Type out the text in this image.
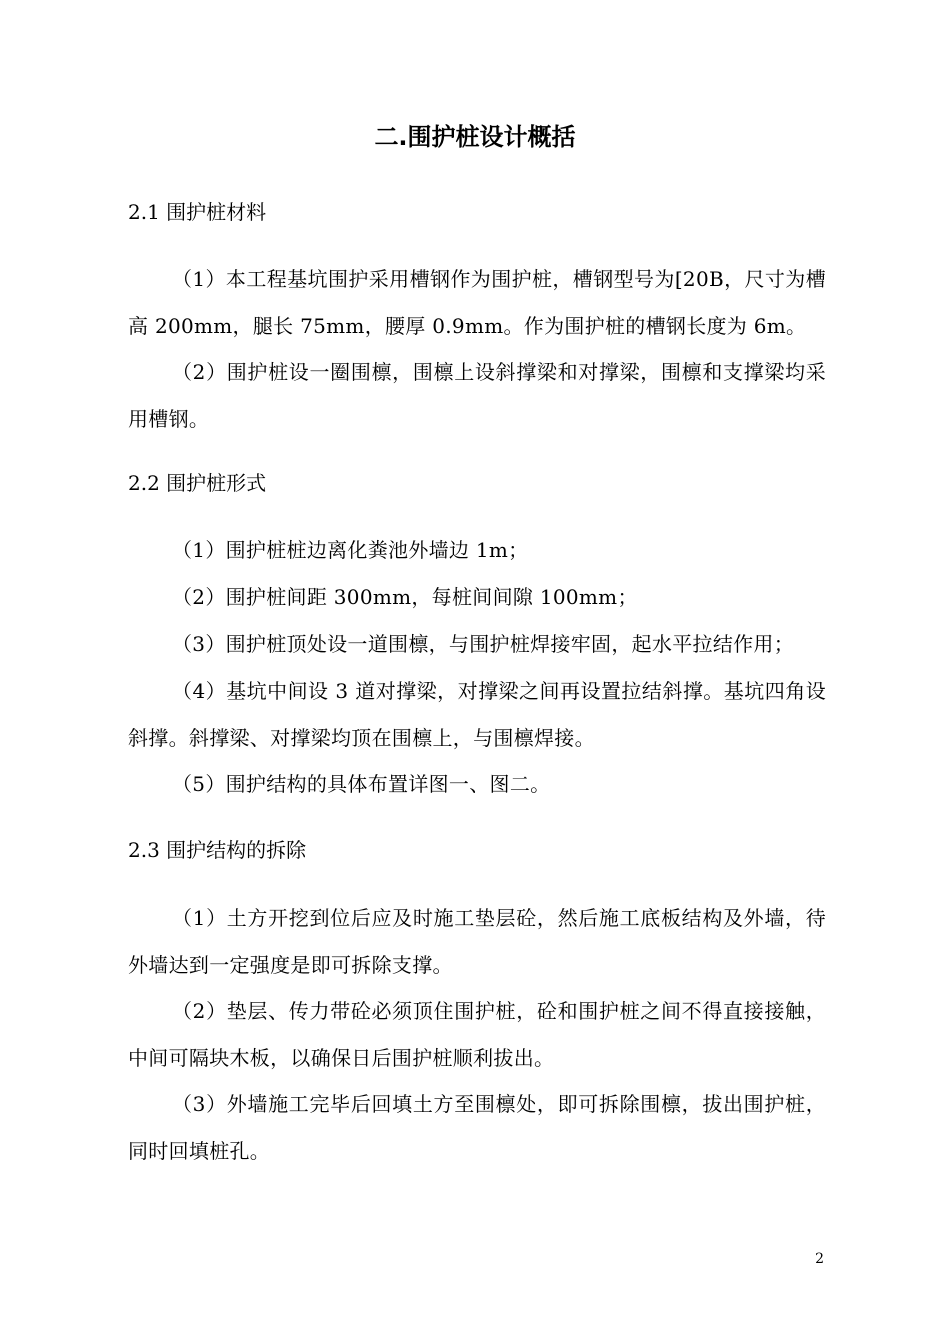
二.围护桩设计概括
2.1 围护桩材料

（1）本工程基坑围护采用槽钢作为围护桩，槽钢型号为[20B，尺寸为槽高 200mm，腿长 75mm，腰厚 0.9mm。作为围护桩的槽钢长度为 6m。

（2）围护桩设一圈围檩，围檩上设斜撑梁和对撑梁，围檩和支撑梁均采用槽钢。

2.2 围护桩形式

（1）围护桩桩边离化粪池外墙边 1m；

（2）围护桩间距 300mm，每桩间间隙 100mm；

（3）围护桩顶处设一道围檩，与围护桩焊接牢固，起水平拉结作用；

（4）基坑中间设 3 道对撑梁，对撑梁之间再设置拉结斜撑。基坑四角设斜撑。斜撑梁、对撑梁均顶在围檩上，与围檩焊接。

（5）围护结构的具体布置详图一、图二。

2.3 围护结构的拆除

（1）土方开挖到位后应及时施工垫层砼，然后施工底板结构及外墙，待外墙达到一定强度是即可拆除支撑。

（2）垫层、传力带砼必须顶住围护桩，砼和围护桩之间不得直接接触，中间可隔块木板，以确保日后围护桩顺利拔出。

（3）外墙施工完毕后回填土方至围檩处，即可拆除围檩，拔出围护桩，同时回填桩孔。

2
